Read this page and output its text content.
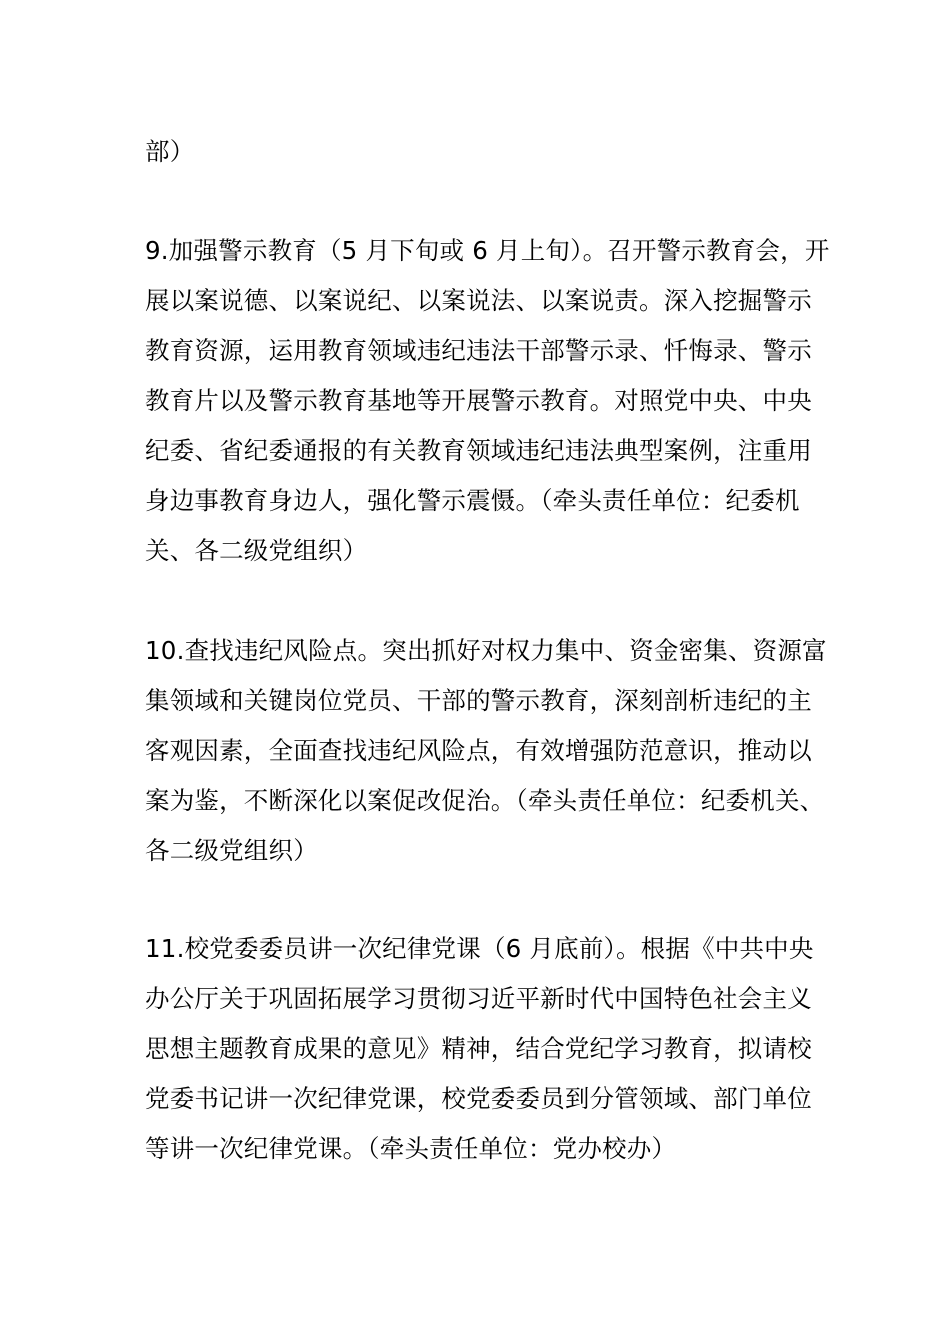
部）
9.加强警示教育（5 月下旬或 6 月上旬）。召开警示教育会，开
展以案说德、以案说纪、以案说法、以案说责。深入挖掘警示
教育资源，运用教育领域违纪违法干部警示录、忏悔录、警示
教育片以及警示教育基地等开展警示教育。对照党中央、中央
纪委、省纪委通报的有关教育领域违纪违法典型案例，注重用
身边事教育身边人，强化警示震慑。（牵头责任单位：纪委机
关、各二级党组织）
10.查找违纪风险点。突出抓好对权力集中、资金密集、资源富
集领域和关键岗位党员、干部的警示教育，深刻剖析违纪的主
客观因素，全面查找违纪风险点，有效增强防范意识，推动以
案为鉴，不断深化以案促改促治。（牵头责任单位：纪委机关、
各二级党组织）
11.校党委委员讲一次纪律党课（6 月底前）。根据《中共中央
办公厅关于巩固拓展学习贯彻习近平新时代中国特色社会主义
思想主题教育成果的意见》精神，结合党纪学习教育，拟请校
党委书记讲一次纪律党课，校党委委员到分管领域、部门单位
等讲一次纪律党课。（牵头责任单位：党办校办）
